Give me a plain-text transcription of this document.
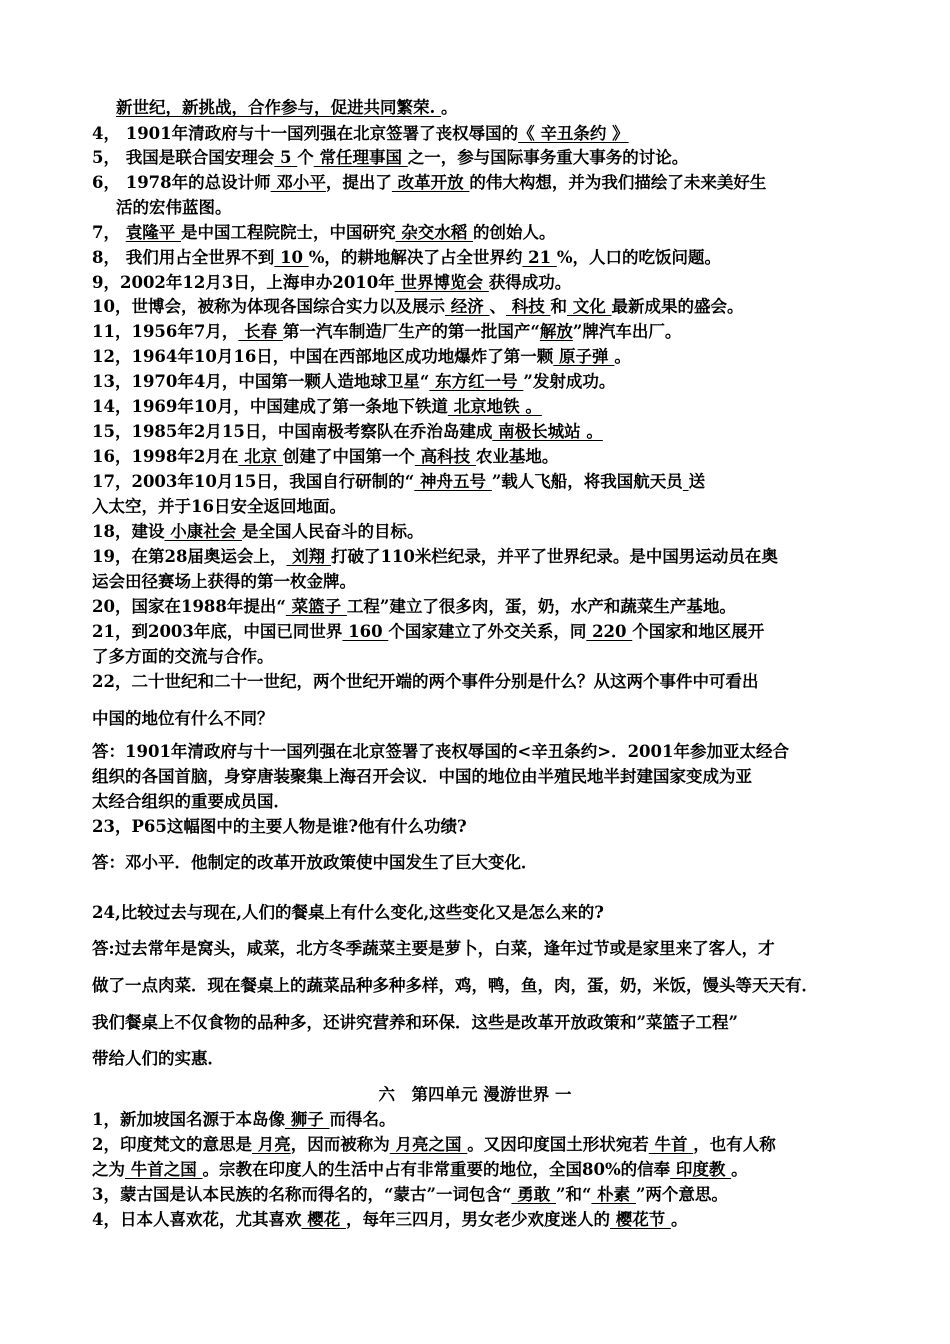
新世纪，新挑战，合作参与，促进共同繁荣. 。
4， 1901年清政府与十一国列强在北京签署了丧权辱国的《 辛丑条约 》
5， 我国是联合国安理会 5 个 常任理事国 之一，参与国际事务重大事务的讨论。
6， 1978年的总设计师 邓小平，提出了 改革开放 的伟大构想，并为我们描绘了未来美好生
活的宏伟蓝图。
7， 袁隆平 是中国工程院院士，中国研究 杂交水稻 的创始人。
8， 我们用占全世界不到 10 %，的耕地解决了占全世界约 21 %，人口的吃饭问题。
9，2002年12月3日，上海申办2010年 世界博览会 获得成功。
10，世博会，被称为体现各国综合实力以及展示 经济 、 科技 和 文化 最新成果的盛会。
11，1956年7月， 长春 第一汽车制造厂生产的第一批国产“解放”牌汽车出厂。
12，1964年10月16日，中国在西部地区成功地爆炸了第一颗 原子弹 。
13，1970年4月，中国第一颗人造地球卫星“ 东方红一号 ”发射成功。
14，1969年10月，中国建成了第一条地下铁道 北京地铁 。
15，1985年2月15日，中国南极考察队在乔治岛建成 南极长城站 。
16，1998年2月在 北京 创建了中国第一个 高科技 农业基地。
17，2003年10月15日，我国自行研制的“ 神舟五号 ”载人飞船，将我国航天员 送
入太空，并于16日安全返回地面。
18，建设 小康社会 是全国人民奋斗的目标。
19，在第28届奥运会上， 刘翔 打破了110米栏纪录，并平了世界纪录。是中国男运动员在奥
运会田径赛场上获得的第一枚金牌。
20，国家在1988年提出“ 菜篮子 工程”建立了很多肉，蛋，奶，水产和蔬菜生产基地。
21，到2003年底，中国已同世界 160 个国家建立了外交关系，同 220 个国家和地区展开
了多方面的交流与合作。
22，二十世纪和二十一世纪，两个世纪开端的两个事件分别是什么？从这两个事件中可看出
中国的地位有什么不同？
答：1901年清政府与十一国列强在北京签署了丧权辱国的<辛丑条约>．2001年参加亚太经合
组织的各国首脑，身穿唐装聚集上海召开会议．中国的地位由半殖民地半封建国家变成为亚
太经合组织的重要成员国．
23，P65这幅图中的主要人物是谁?他有什么功绩?
答：邓小平．他制定的改革开放政策使中国发生了巨大变化．
24,比较过去与现在,人们的餐桌上有什么变化,这些变化又是怎么来的?
答:过去常年是窝头，咸菜，北方冬季蔬菜主要是萝卜，白菜，逢年过节或是家里来了客人，才
做了一点肉菜．现在餐桌上的蔬菜品种多种多样，鸡，鸭，鱼，肉，蛋，奶，米饭，馒头等天天有．
我们餐桌上不仅食物的品种多，还讲究营养和环保．这些是改革开放政策和”菜篮子工程”
带给人们的实惠．
六　第四单元 漫游世界 一
1，新加坡国名源于本岛像 狮子 而得名。
2，印度梵文的意思是 月亮，因而被称为 月亮之国 。又因印度国土形状宛若 牛首 ，也有人称
之为 牛首之国 。宗教在印度人的生活中占有非常重要的地位，全国80%的信奉 印度教 。
3，蒙古国是认本民族的名称而得名的，“蒙古”一词包含“ 勇敢 ”和“ 朴素 ”两个意思。
4，日本人喜欢花，尤其喜欢 樱花 ，每年三四月，男女老少欢度迷人的 樱花节 。
